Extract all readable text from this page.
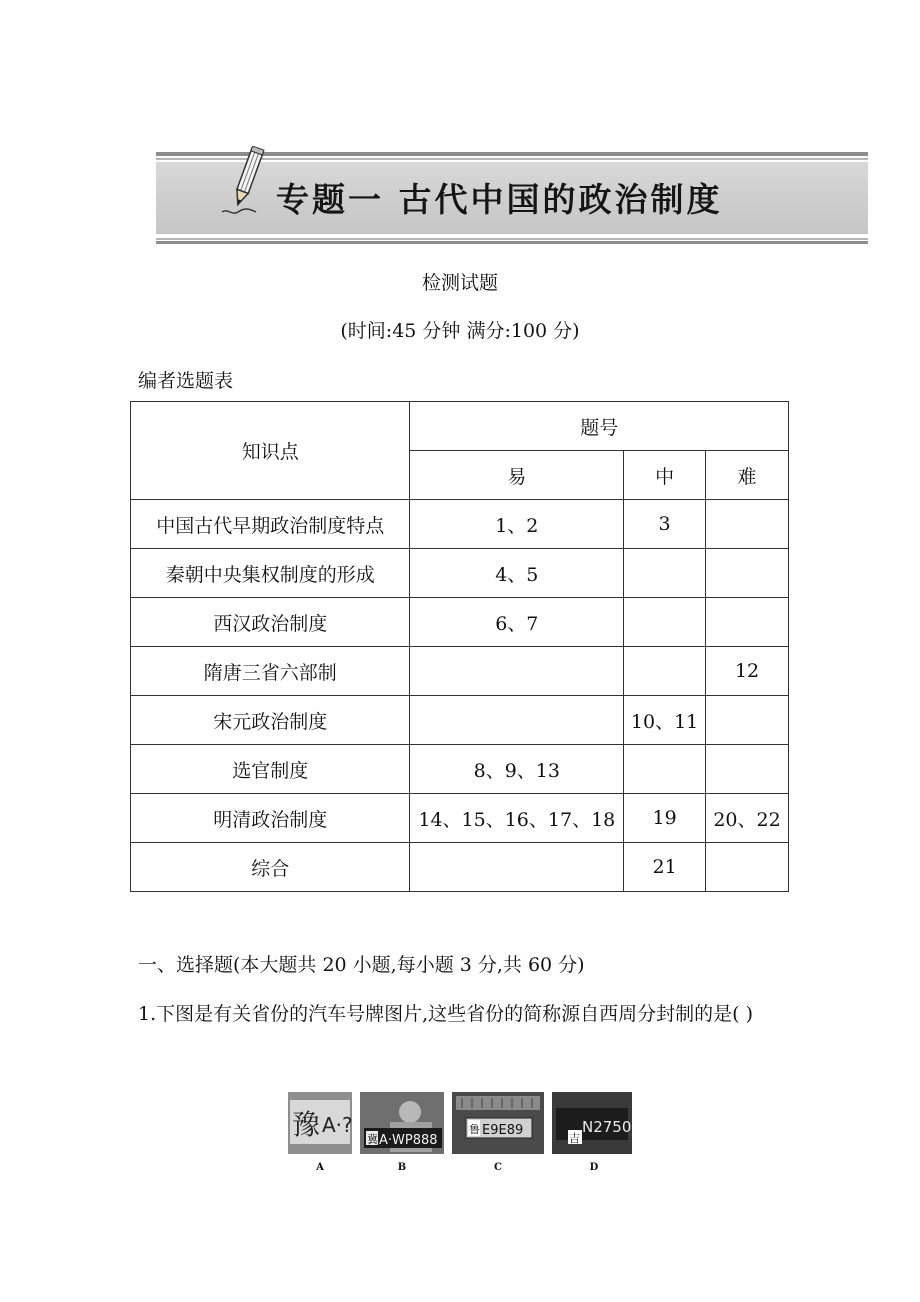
专题一 古代中国的政治制度
检测试题
(时间:45 分钟 满分:100 分)
编者选题表
知识点	题号		
	易	中	难
中国古代早期政治制度特点	1、2	3	
秦朝中央集权制度的形成	4、5		
西汉政治制度	6、7		
隋唐三省六部制			12
宋元政治制度		10、11	
选官制度	8、9、13		
明清政治制度	14、15、16、17、18	19	20、22
综合		21	
一、选择题(本大题共 20 小题,每小题 3 分,共 60 分)
1.下图是有关省份的汽车号牌图片,这些省份的简称源自西周分封制的是( )
豫 A·?
A
冀 A·WP888
B
鲁 E9E89
C
吉
N2750
D
